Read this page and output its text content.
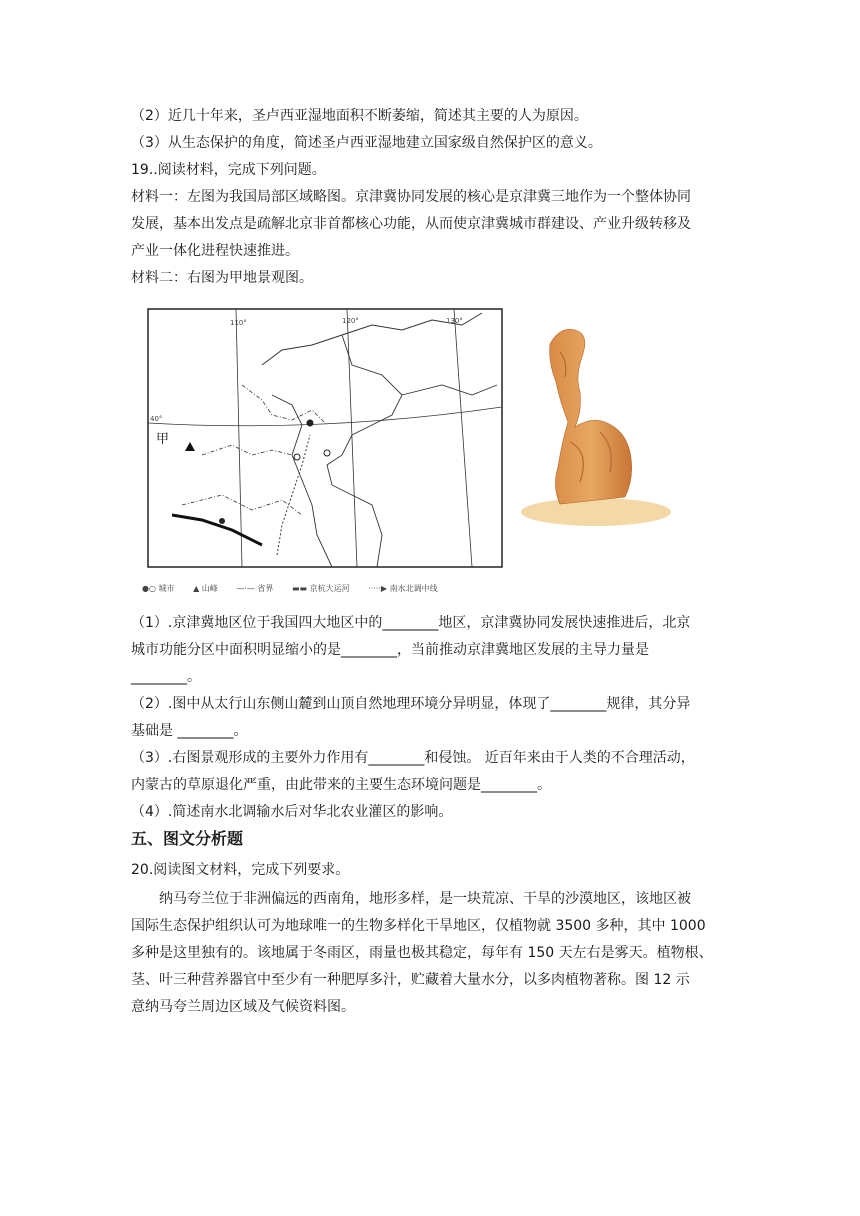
（2）近几十年来，圣卢西亚湿地面积不断萎缩，简述其主要的人为原因。
（3）从生态保护的角度，简述圣卢西亚湿地建立国家级自然保护区的意义。
19..阅读材料，完成下列问题。
材料一：左图为我国局部区域略图。京津冀协同发展的核心是京津冀三地作为一个整体协同
发展，基本出发点是疏解北京非首都核心功能，从而使京津冀城市群建设、产业升级转移及
产业一体化进程快速推进。
材料二：右图为甲地景观图。
甲
110°	120°	130°
40°
●○ 城市 ▲ 山峰 —·— 省界 ▬▬ 京杭大运河 ·····▶ 南水北调中线
（1）.京津冀地区位于我国四大地区中的________地区，京津冀协同发展快速推进后，北京
城市功能分区中面积明显缩小的是________，当前推动京津冀地区发展的主导力量是
________。
（2）.图中从太行山东侧山麓到山顶自然地理环境分异明显，体现了________规律，其分异
基础是 ________。
（3）.右图景观形成的主要外力作用有________和侵蚀。 近百年来由于人类的不合理活动，
内蒙古的草原退化严重，由此带来的主要生态环境问题是________。
（4）.简述南水北调输水后对华北农业灌区的影响。
五、图文分析题
20.阅读图文材料，完成下列要求。
纳马夸兰位于非洲偏远的西南角，地形多样，是一块荒凉、干旱的沙漠地区，该地区被
国际生态保护组织认可为地球唯一的生物多样化干旱地区，仅植物就 3500 多种，其中 1000
多种是这里独有的。该地属于冬雨区，雨量也极其稳定，每年有 150 天左右是雾天。植物根、
茎、叶三种营养器官中至少有一种肥厚多汁，贮藏着大量水分，以多肉植物著称。图 12 示
意纳马夸兰周边区域及气候资料图。
